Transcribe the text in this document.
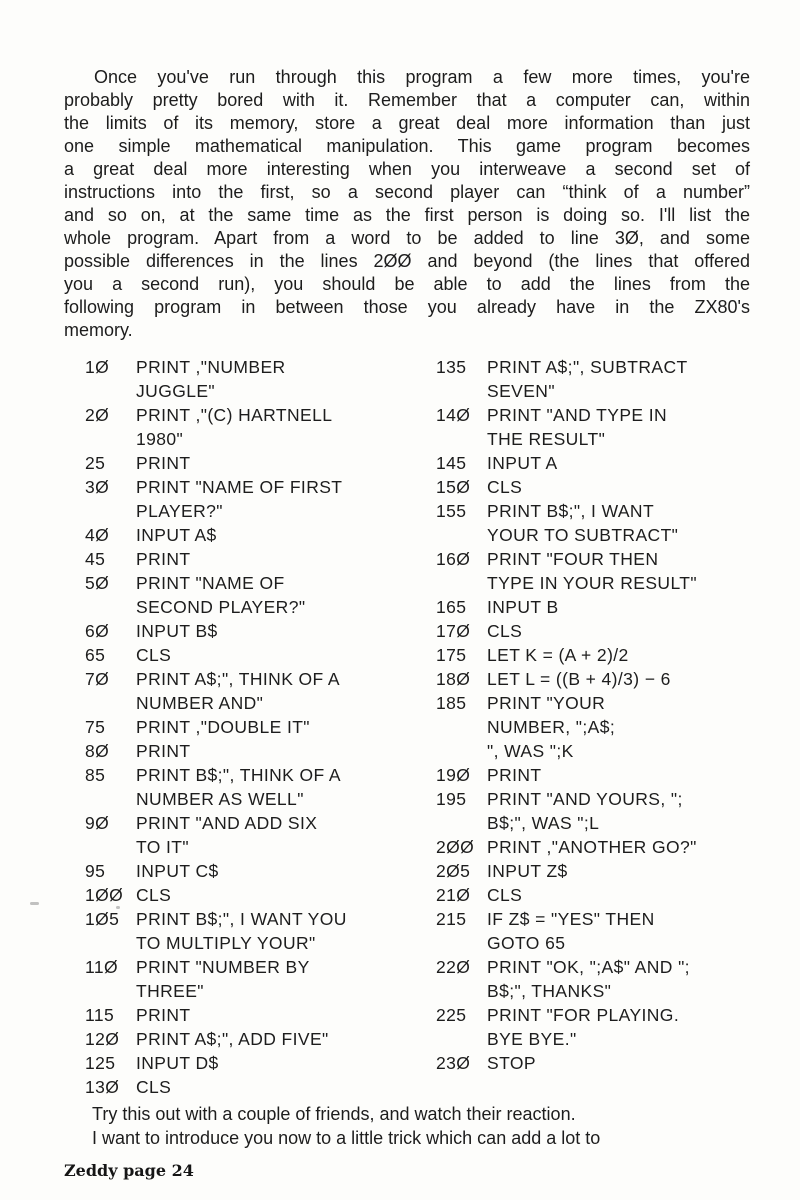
Once you've run through this program a few more times, you're
probably pretty bored with it. Remember that a computer can, within
the limits of its memory, store a great deal more information than just
one simple mathematical manipulation. This game program becomes
a great deal more interesting when you interweave a second set of
instructions into the first, so a second player can “think of a number”
and so on, at the same time as the first person is doing so. I'll list the
whole program. Apart from a word to be added to line 3Ø, and some
possible differences in the lines 2ØØ and beyond (the lines that offered
you a second run), you should be able to add the lines from the
following program in between those you already have in the ZX80's
memory.
1Ø	PRINT ,"NUMBER
JUGGLE"
2Ø	PRINT ,"(C) HARTNELL
1980"
25	PRINT
3Ø	PRINT "NAME OF FIRST
PLAYER?"
4Ø	INPUT A$
45	PRINT
5Ø	PRINT "NAME OF
SECOND PLAYER?"
6Ø	INPUT B$
65	CLS
7Ø	PRINT A$;", THINK OF A
NUMBER AND"
75	PRINT ,"DOUBLE IT"
8Ø	PRINT
85	PRINT B$;", THINK OF A
NUMBER AS WELL"
9Ø	PRINT "AND ADD SIX
TO IT"
95	INPUT C$
1ØØ CLS
1Ø5 PRINT B$;", I WANT YOU
TO MULTIPLY YOUR"
11Ø	PRINT "NUMBER BY
THREE"
115	PRINT
12Ø PRINT A$;", ADD FIVE"
125	INPUT D$
13Ø CLS
135	PRINT A$;", SUBTRACT
SEVEN"
14Ø PRINT "AND TYPE IN
THE RESULT"
145	INPUT A
15Ø CLS
155	PRINT B$;", I WANT
YOUR TO SUBTRACT"
16Ø PRINT "FOUR THEN
TYPE IN YOUR RESULT"
165	INPUT B
17Ø CLS
175	LET K = (A + 2)/2
18Ø LET L = ((B + 4)/3) − 6
185	PRINT "YOUR
NUMBER, ";A$;
", WAS ";K
19Ø PRINT
195	PRINT "AND YOURS, ";
B$;", WAS ";L
2ØØ PRINT ,"ANOTHER GO?"
2Ø5 INPUT Z$
21Ø CLS
215	IF Z$ = "YES" THEN
GOTO 65
22Ø PRINT "OK, ";A$" AND ";
B$;", THANKS"
225	PRINT "FOR PLAYING.
BYE BYE."
23Ø STOP
Try this out with a couple of friends, and watch their reaction.
I want to introduce you now to a little trick which can add a lot to
Zeddy page 24
